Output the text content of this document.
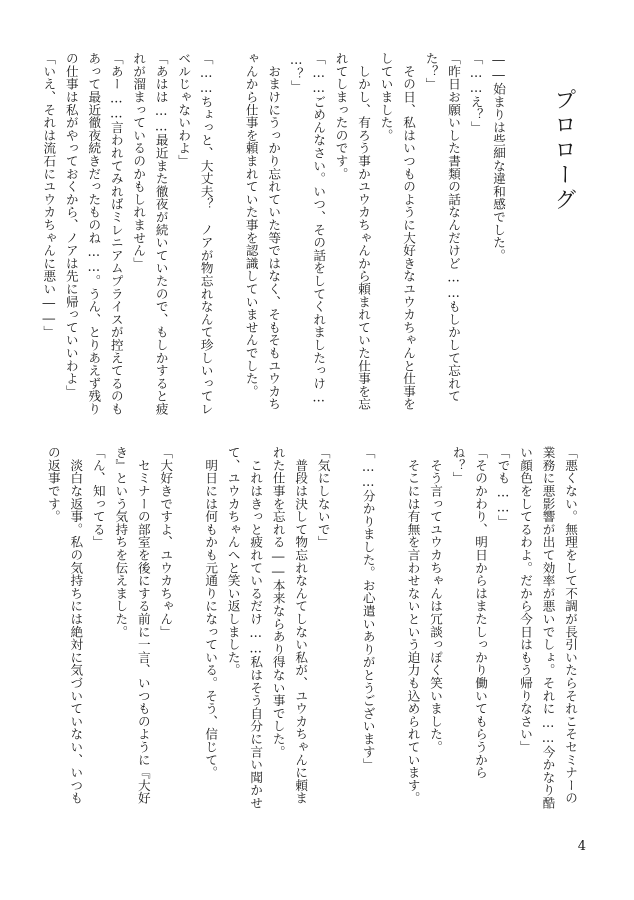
プロローグ
――始まりは些細な違和感でした。
「……え？」
「昨日お願いした書類の話なんだけど……もしかして忘れて
た？」
　その日、私はいつものように大好きなユウカちゃんと仕事を
していました。
　しかし、有ろう事かユウカちゃんから頼まれていた仕事を忘
れてしまったのです。
「……ごめんなさい。いつ、その話をしてくれましたっけ…
…？」
　おまけにうっかり忘れていた等ではなく、そもそもユウカち
ゃんから仕事を頼まれていた事を認識していませんでした。
「……ちょっと、大丈夫？　ノアが物忘れなんて珍しいってレ
ベルじゃないわよ」
「あはは……最近また徹夜が続いていたので、もしかすると疲
れが溜まっているのかもしれません」
「あー……言われてみればミレニアムプライスが控えてるのも
あって最近徹夜続きだったものね……。うん、とりあえず残り
の仕事は私がやっておくから、ノアは先に帰っていいわよ」
「いえ、それは流石にユウカちゃんに悪い――」
「悪くない。無理をして不調が長引いたらそれこそセミナーの
業務に悪影響が出て効率が悪いでしょ。それに……今かなり酷
い顔色をしてるわよ。だから今日はもう帰りなさい」
「でも……」
「そのかわり、明日からはまたしっかり働いてもらうから
ね？」
　そう言ってユウカちゃんは冗談っぽく笑いました。
　そこには有無を言わせないという迫力も込められています。
「……分かりました。お心遣いありがとうございます」
「気にしないで」
　普段は決して物忘れなんてしない私が、ユウカちゃんに頼ま
れた仕事を忘れる――本来ならあり得ない事でした。
　これはきっと疲れているだけ……私はそう自分に言い聞かせ
て、ユウカちゃんへと笑い返しました。
　明日には何もかも元通りになっている。そう、信じて。
「大好きですよ、ユウカちゃん」
　セミナーの部室を後にする前に一言、いつものように『大好
き』という気持ちを伝えました。
「ん、知ってる」
　淡白な返事。私の気持ちには絶対に気づいていない、いつも
の返事です。
4
